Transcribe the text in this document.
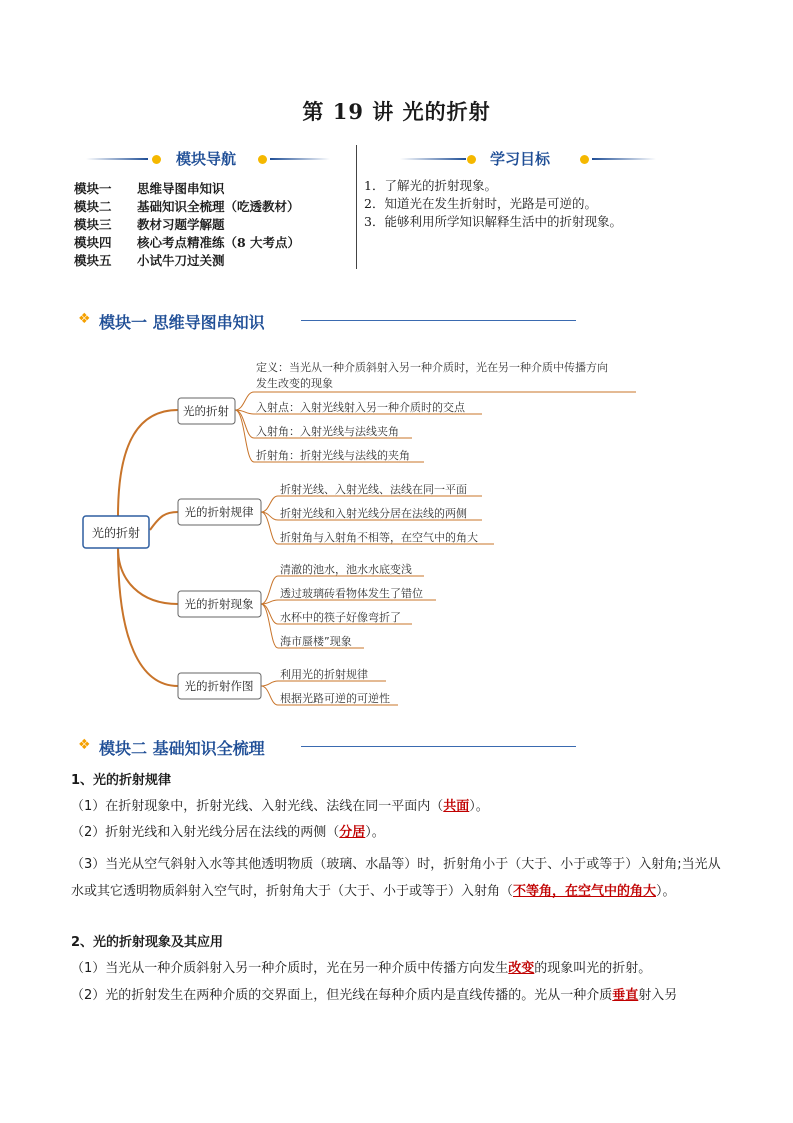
第 19 讲 光的折射
模块导航	学习目标
模块一 思维导图串知识
模块二 基础知识全梳理（吃透教材）
模块三 教材习题学解题
模块四 核心考点精准练（8 大考点）
模块五 小试牛刀过关测
1．了解光的折射现象。
2．知道光在发生折射时，光路是可逆的。
3．能够利用所学知识解释生活中的折射现象。
❖ 模块一 思维导图串知识
光的折射
光的折射
光的折射规律
光的折射现象
光的折射作图
定义：当光从一种介质斜射入另一种介质时，光在另一种介质中传播方向
发生改变的现象
入射点：入射光线射入另一种介质时的交点
入射角：入射光线与法线夹角
折射角：折射光线与法线的夹角
折射光线、入射光线、法线在同一平面
折射光线和入射光线分居在法线的两侧
折射角与入射角不相等，在空气中的角大
清澈的池水，池水水底变浅
透过玻璃砖看物体发生了错位
水杯中的筷子好像弯折了
海市蜃楼”现象
利用光的折射规律
根据光路可逆的可逆性
❖ 模块二 基础知识全梳理
1、光的折射规律
（1）在折射现象中，折射光线、入射光线、法线在同一平面内（共面）。
（2）折射光线和入射光线分居在法线的两侧（分居）。
（3）当光从空气斜射入水等其他透明物质（玻璃、水晶等）时，折射角小于（大于、小于或等于）入射角;当光从水或其它透明物质斜射入空气时，折射角大于（大于、小于或等于）入射角（不等角，在空气中的角大）。
2、光的折射现象及其应用
（1）当光从一种介质斜射入另一种介质时，光在另一种介质中传播方向发生改变的现象叫光的折射。
（2）光的折射发生在两种介质的交界面上，但光线在每种介质内是直线传播的。光从一种介质垂直射入另
